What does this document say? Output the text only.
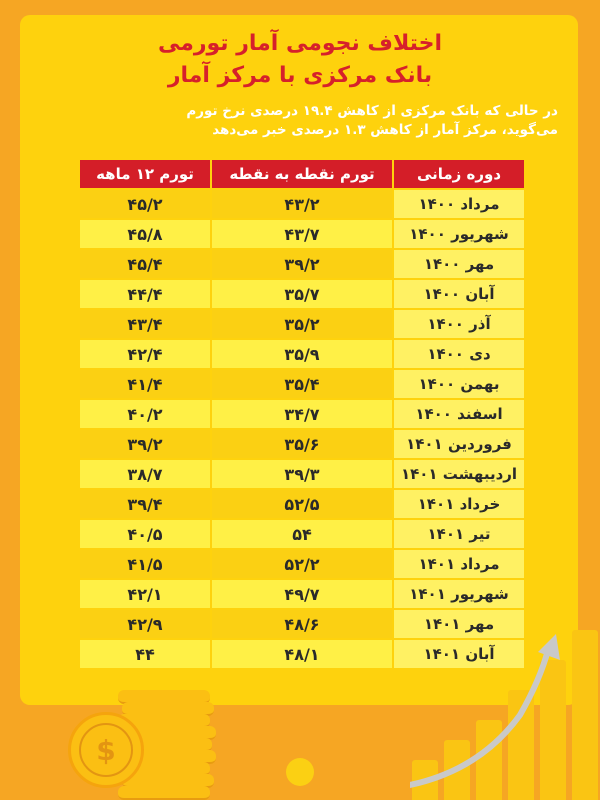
اختلاف نجومی آمار تورمی
بانک مرکزی با مرکز آمار
در حالی که بانک مرکزی از کاهش ۱۹.۴ درصدی نرخ تورم
می‌گوید، مرکز آمار از کاهش ۱.۳ درصدی خبر می‌دهد
دوره زمانی	تورم نقطه به نقطه	تورم ۱۲ ماهه
مرداد ۱۴۰۰	۴۳/۲	۴۵/۲
شهریور ۱۴۰۰	۴۳/۷	۴۵/۸
مهر ۱۴۰۰	۳۹/۲	۴۵/۴
آبان ۱۴۰۰	۳۵/۷	۴۴/۴
آذر ۱۴۰۰	۳۵/۲	۴۳/۴
دی ۱۴۰۰	۳۵/۹	۴۲/۴
بهمن ۱۴۰۰	۳۵/۴	۴۱/۴
اسفند ۱۴۰۰	۳۴/۷	۴۰/۲
فروردین ۱۴۰۱	۳۵/۶	۳۹/۲
اردیبهشت ۱۴۰۱	۳۹/۳	۳۸/۷
خرداد ۱۴۰۱	۵۲/۵	۳۹/۴
تیر ۱۴۰۱	۵۴	۴۰/۵
مرداد ۱۴۰۱	۵۲/۲	۴۱/۵
شهریور ۱۴۰۱	۴۹/۷	۴۲/۱
مهر ۱۴۰۱	۴۸/۶	۴۲/۹
آبان ۱۴۰۱	۴۸/۱	۴۴
$
